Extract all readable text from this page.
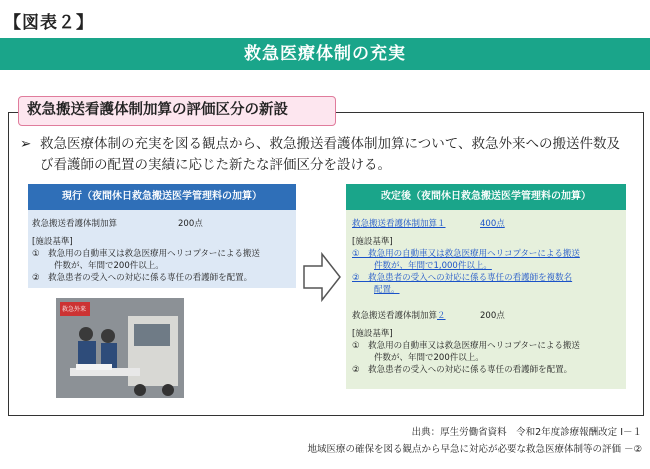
【図表２】
救急医療体制の充実
救急搬送看護体制加算の評価区分の新設
➢ 救急医療体制の充実を図る観点から、救急搬送看護体制加算について、救急外来への搬送件数及び看護師の配置の実績に応じた新たな評価区分を設ける。
現行（夜間休日救急搬送医学管理料の加算）
救急搬送看護体制加算	200点
[施設基準]
①　救急用の自動車又は救急医療用ヘリコプターによる搬送
件数が、年間で200件以上。
②　救急患者の受入への対応に係る専任の看護師を配置。
救急外来
改定後（夜間休日救急搬送医学管理料の加算）
救急搬送看護体制加算１	400点
[施設基準]
①　救急用の自動車又は救急医療用ヘリコプターによる搬送
件数が、年間で1,000件以上。
②　救急患者の受入への対応に係る専任の看護師を複数名
配置。
救急搬送看護体制加算２	200点
[施設基準]
①　救急用の自動車又は救急医療用ヘリコプターによる搬送
件数が、年間で200件以上。
②　救急患者の受入への対応に係る専任の看護師を配置。
出典：厚生労働省資料　令和2年度診療報酬改定 Ⅰ－１
地域医療の確保を図る観点から早急に対応が必要な救急医療体制等の評価 －②
